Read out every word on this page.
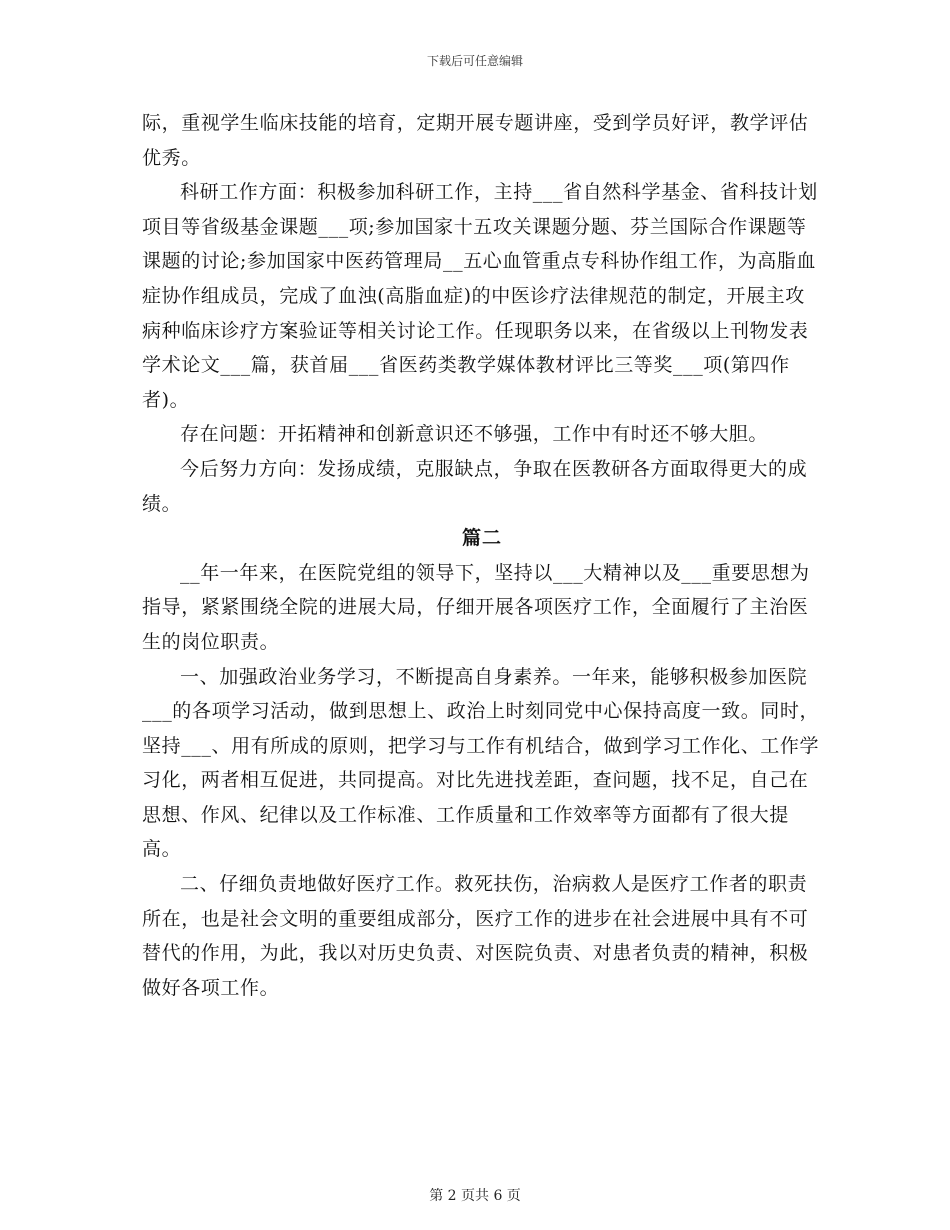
下载后可任意编辑

际，重视学生临床技能的培育，定期开展专题讲座，受到学员好评，教学评估优秀。

科研工作方面：积极参加科研工作，主持___省自然科学基金、省科技计划项目等省级基金课题___项;参加国家十五攻关课题分题、芬兰国际合作课题等课题的讨论;参加国家中医药管理局__五心血管重点专科协作组工作，为高脂血症协作组成员，完成了血浊(高脂血症)的中医诊疗法律规范的制定，开展主攻病种临床诊疗方案验证等相关讨论工作。任现职务以来，在省级以上刊物发表学术论文___篇，获首届___省医药类教学媒体教材评比三等奖___项(第四作者)。

存在问题：开拓精神和创新意识还不够强，工作中有时还不够大胆。

今后努力方向：发扬成绩，克服缺点，争取在医教研各方面取得更大的成绩。

篇二

__年一年来，在医院党组的领导下，坚持以___大精神以及___重要思想为指导，紧紧围绕全院的进展大局，仔细开展各项医疗工作，全面履行了主治医生的岗位职责。

一、加强政治业务学习，不断提高自身素养。一年来，能够积极参加医院___的各项学习活动，做到思想上、政治上时刻同党中心保持高度一致。同时，坚持___、用有所成的原则，把学习与工作有机结合，做到学习工作化、工作学习化，两者相互促进，共同提高。对比先进找差距，查问题，找不足，自己在思想、作风、纪律以及工作标准、工作质量和工作效率等方面都有了很大提高。

二、仔细负责地做好医疗工作。救死扶伤，治病救人是医疗工作者的职责所在，也是社会文明的重要组成部分，医疗工作的进步在社会进展中具有不可替代的作用，为此，我以对历史负责、对医院负责、对患者负责的精神，积极做好各项工作。

第 2 页共 6 页
